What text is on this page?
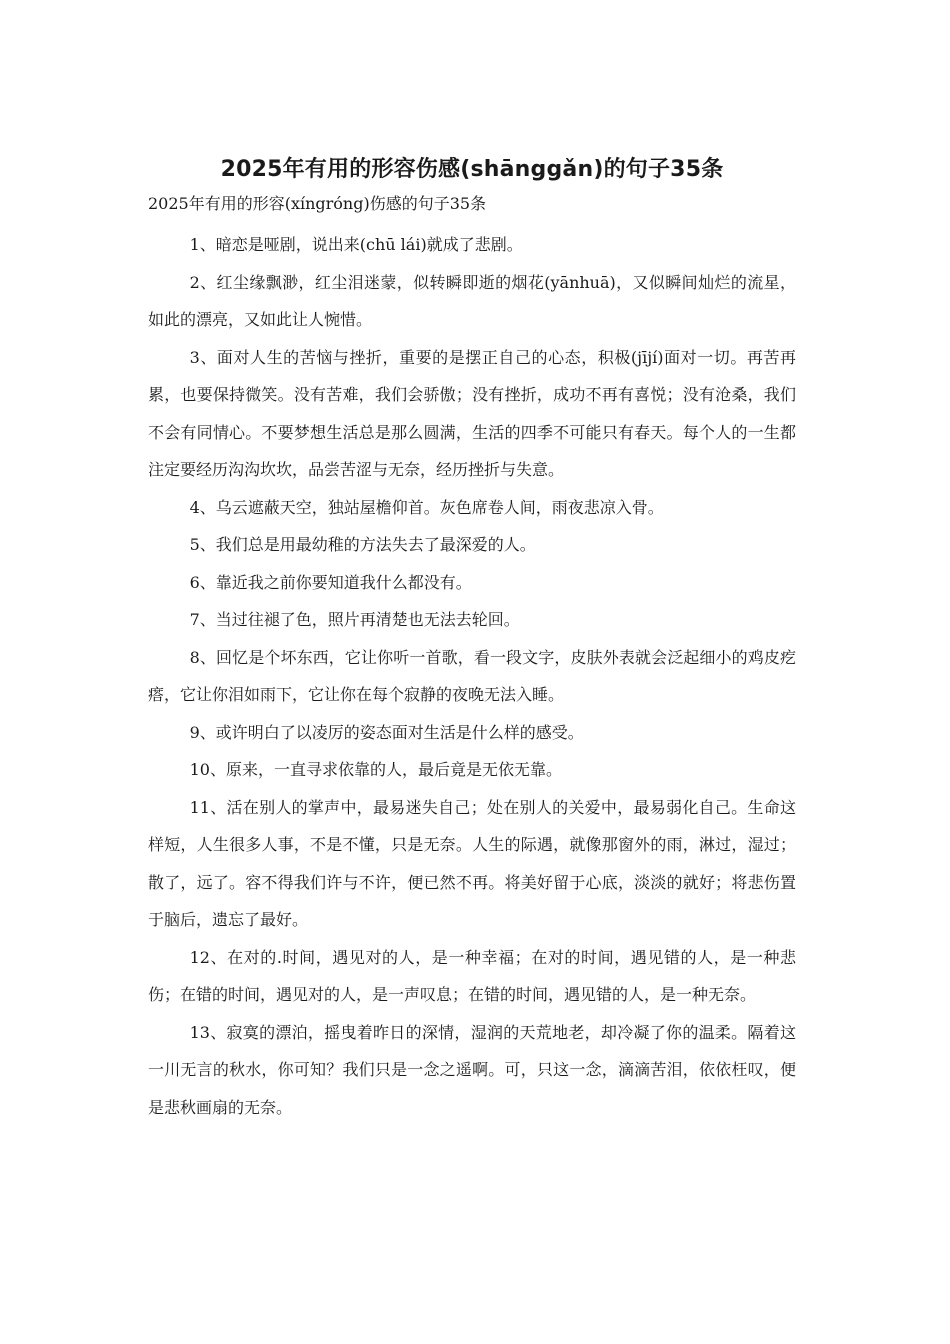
2025年有用的形容伤感(shānggǎn)的句子35条

2025年有用的形容(xíngróng)伤感的句子35条

1、暗恋是哑剧，说出来(chū lái)就成了悲剧。

2、红尘缘飘渺，红尘泪迷蒙，似转瞬即逝的烟花(yānhuā)，又似瞬间灿烂的流星，如此的漂亮，又如此让人惋惜。

3、面对人生的苦恼与挫折，重要的是摆正自己的心态，积极(jījí)面对一切。再苦再累，也要保持微笑。没有苦难，我们会骄傲；没有挫折，成功不再有喜悦；没有沧桑，我们不会有同情心。不要梦想生活总是那么圆满，生活的四季不可能只有春天。每个人的一生都注定要经历沟沟坎坎，品尝苦涩与无奈，经历挫折与失意。

4、乌云遮蔽天空，独站屋檐仰首。灰色席卷人间，雨夜悲凉入骨。

5、我们总是用最幼稚的方法失去了最深爱的人。

6、靠近我之前你要知道我什么都没有。

7、当过往褪了色，照片再清楚也无法去轮回。

8、回忆是个坏东西，它让你听一首歌，看一段文字，皮肤外表就会泛起细小的鸡皮疙瘩，它让你泪如雨下，它让你在每个寂静的夜晚无法入睡。

9、或许明白了以凌厉的姿态面对生活是什么样的感受。

10、原来，一直寻求依靠的人，最后竟是无依无靠。

11、活在别人的掌声中，最易迷失自己；处在别人的关爱中，最易弱化自己。生命这样短，人生很多人事，不是不懂，只是无奈。人生的际遇，就像那窗外的雨，淋过，湿过；散了，远了。容不得我们许与不许，便已然不再。将美好留于心底，淡淡的就好；将悲伤置于脑后，遗忘了最好。

12、在对的.时间，遇见对的人，是一种幸福；在对的时间，遇见错的人，是一种悲伤；在错的时间，遇见对的人，是一声叹息；在错的时间，遇见错的人，是一种无奈。

13、寂寞的漂泊，摇曳着昨日的深情，湿润的天荒地老，却冷凝了你的温柔。隔着这一川无言的秋水，你可知？我们只是一念之遥啊。可，只这一念，滴滴苦泪，依依枉叹，便是悲秋画扇的无奈。
